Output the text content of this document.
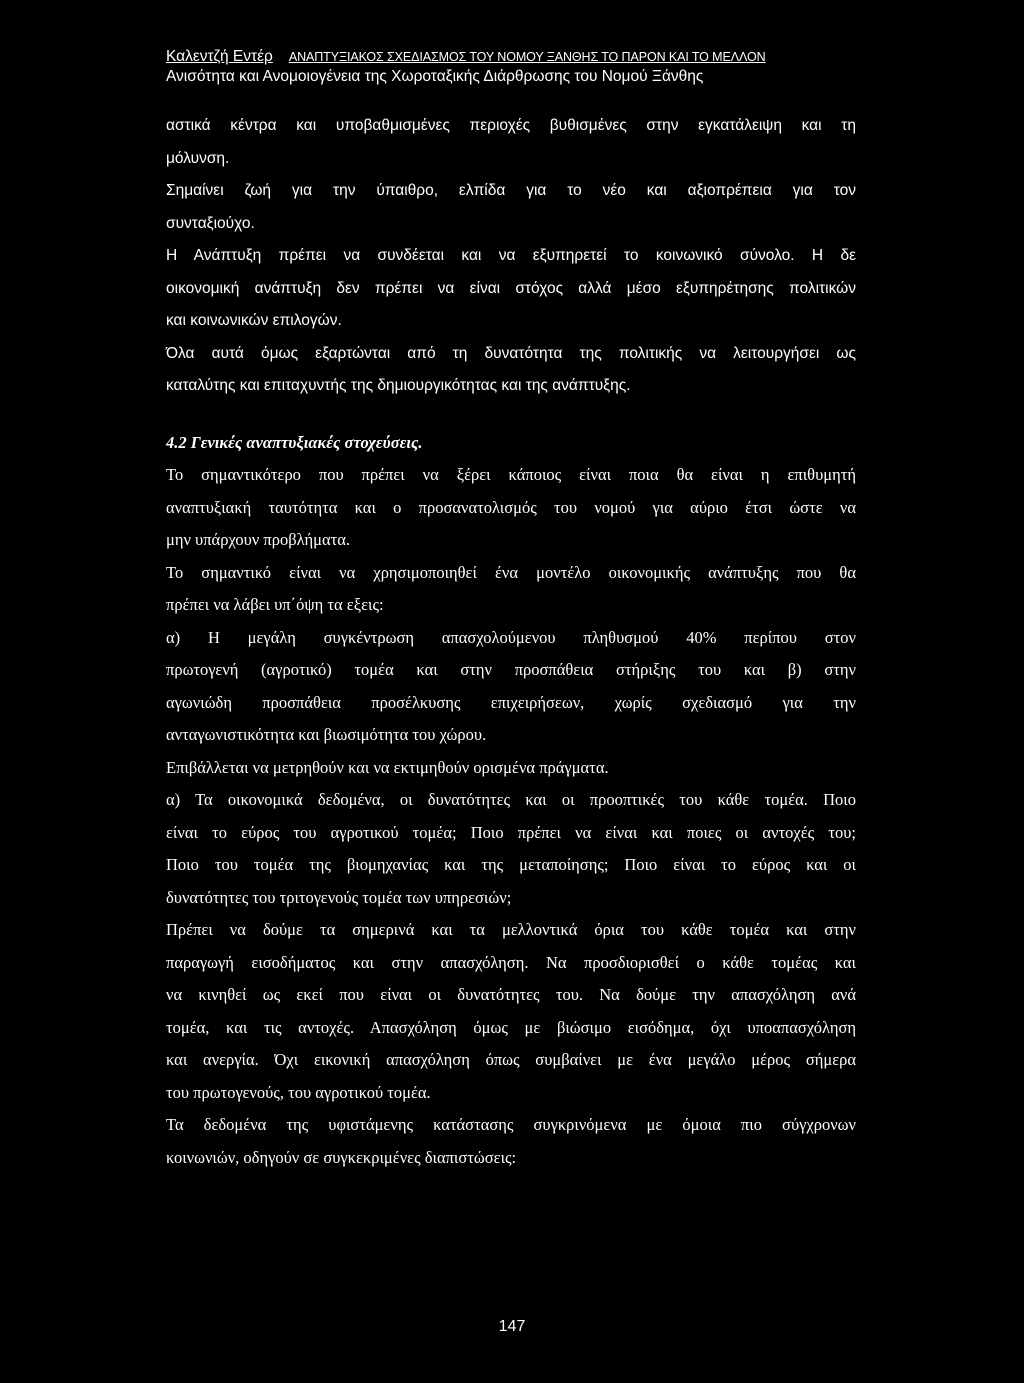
Καλεντζή Εντέρ ΑΝΑΠΤΥΞΙΑΚΟΣ ΣΧΕΔΙΑΣΜΟΣ ΤΟΥ ΝΟΜΟΥ ΞΑΝΘΗΣ ΤΟ ΠΑΡΟΝ ΚΑΙ ΤΟ ΜΕΛΛΟΝ
Ανισότητα και Ανομοιογένεια της Χωροταξικής Διάρθρωσης του Νομού Ξάνθης
αστικά κέντρα και υποβαθμισμένες περιοχές βυθισμένες στην εγκατάλειψη και τη
μόλυνση.
Σημαίνει ζωή για την ύπαιθρο, ελπίδα για το νέο και αξιοπρέπεια για τον
συνταξιούχο.
Η Ανάπτυξη πρέπει να συνδέεται και να εξυπηρετεί το κοινωνικό σύνολο. Η δε
οικονομική ανάπτυξη δεν πρέπει να είναι στόχος αλλά μέσο εξυπηρέτησης πολιτικών
και κοινωνικών επιλογών.
Όλα αυτά όμως εξαρτώνται από τη δυνατότητα της πολιτικής να λειτουργήσει ως
καταλύτης και επιταχυντής της δημιουργικότητας και της ανάπτυξης.
4.2 Γενικές αναπτυξιακές στοχεύσεις.
Το σημαντικότερο που πρέπει να ξέρει κάποιος είναι ποια θα είναι η επιθυμητή
αναπτυξιακή ταυτότητα και ο προσανατολισμός του νομού για αύριο έτσι ώστε να
μην υπάρχουν προβλήματα.
Το σημαντικό είναι να χρησιμοποιηθεί ένα μοντέλο οικονομικής ανάπτυξης που θα
πρέπει να λάβει υπ΄όψη τα εξεις:
α) Η μεγάλη συγκέντρωση απασχολούμενου πληθυσμού 40% περίπου στον
πρωτογενή (αγροτικό) τομέα και στην προσπάθεια στήριξης του και β) στην
αγωνιώδη προσπάθεια προσέλκυσης επιχειρήσεων, χωρίς σχεδιασμό για την
ανταγωνιστικότητα και βιωσιμότητα του χώρου.
Επιβάλλεται να μετρηθούν και να εκτιμηθούν ορισμένα πράγματα.
α) Τα οικονομικά δεδομένα, οι δυνατότητες και οι προοπτικές του κάθε τομέα. Ποιο
είναι το εύρος του αγροτικού τομέα; Ποιο πρέπει να είναι και ποιες οι αντοχές του;
Ποιο του τομέα της βιομηχανίας και της μεταποίησης; Ποιο είναι το εύρος και οι
δυνατότητες του τριτογενούς τομέα των υπηρεσιών;
Πρέπει να δούμε τα σημερινά και τα μελλοντικά όρια του κάθε τομέα και στην
παραγωγή εισοδήματος και στην απασχόληση. Να προσδιορισθεί ο κάθε τομέας και
να κινηθεί ως εκεί που είναι οι δυνατότητες του. Να δούμε την απασχόληση ανά
τομέα, και τις αντοχές. Απασχόληση όμως με βιώσιμο εισόδημα, όχι υποαπασχόληση
και ανεργία. Όχι εικονική απασχόληση όπως συμβαίνει με ένα μεγάλο μέρος σήμερα
του πρωτογενούς, του αγροτικού τομέα.
Τα δεδομένα της υφιστάμενης κατάστασης συγκρινόμενα με όμοια πιο σύγχρονων
κοινωνιών, οδηγούν σε συγκεκριμένες διαπιστώσεις:
147
